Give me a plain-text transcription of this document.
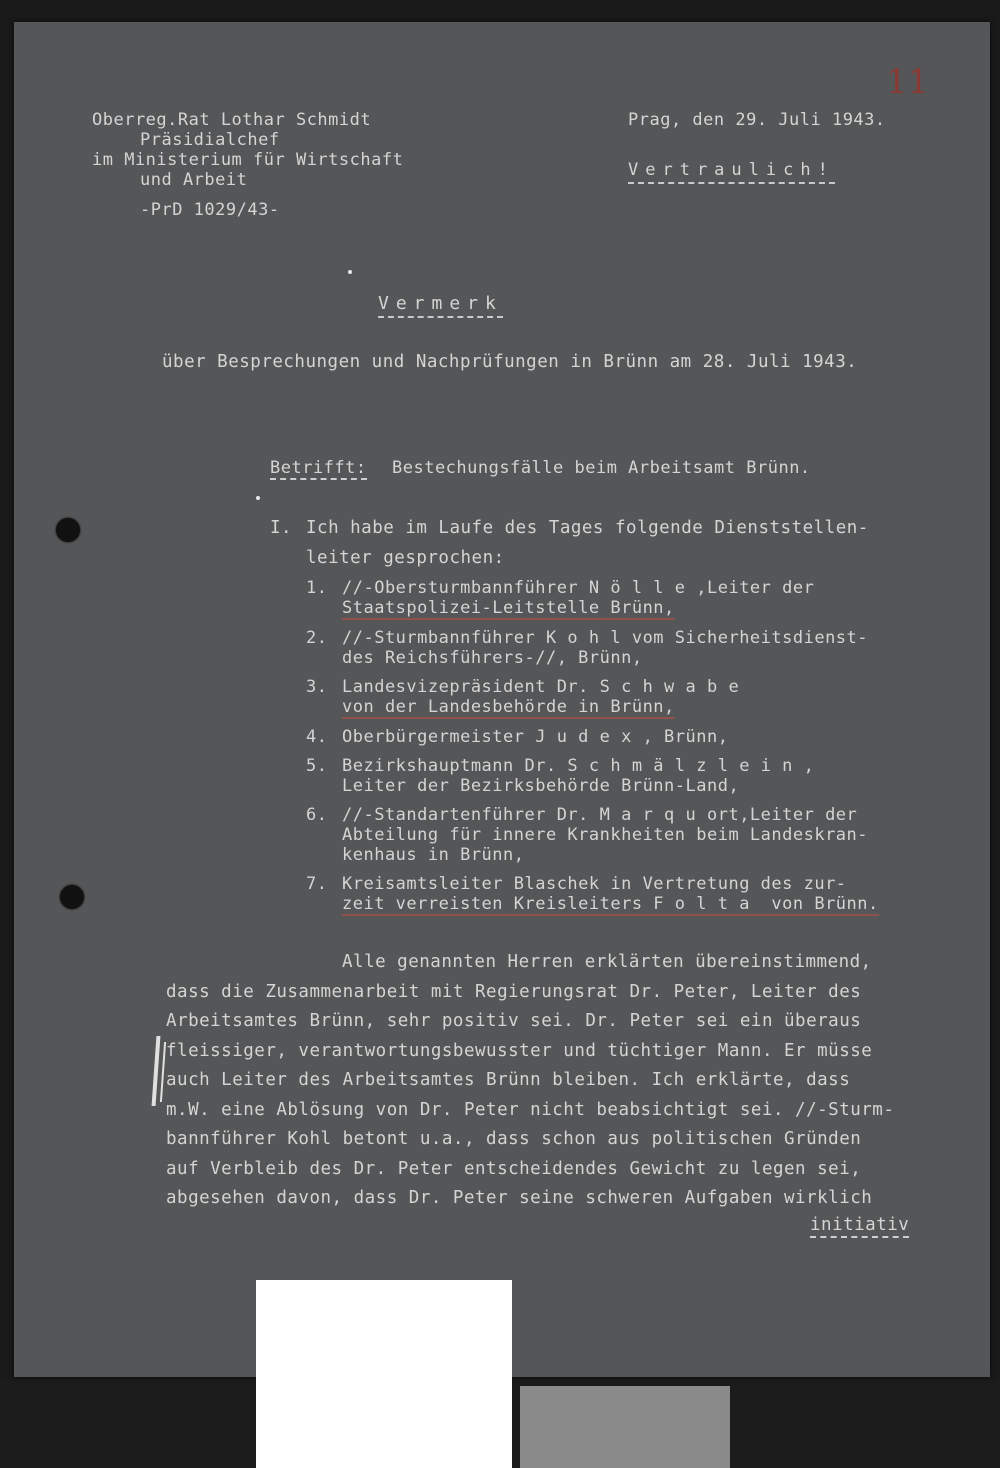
Oberreg.Rat Lothar Schmidt
Präsidialchef
im Ministerium für Wirtschaft
und Arbeit
-PrD 1029/43-
Prag, den 29. Juli 1943.
Vertraulich!
11
Vermerk
über Besprechungen und Nachprüfungen in Brünn am 28. Juli 1943.
Betrifft: Bestechungsfälle beim Arbeitsamt Brünn.
I. Ich habe im Laufe des Tages folgende Dienststellen-
leiter gesprochen:
1. //-Obersturmbannführer N ö l l e ,Leiter der
Staatspolizei-Leitstelle Brünn,
2. //-Sturmbannführer K o h l vom Sicherheitsdienst-
des Reichsführers-//, Brünn,
3. Landesvizepräsident Dr. S c h w a b e
von der Landesbehörde in Brünn,
4. Oberbürgermeister J u d e x , Brünn,
5. Bezirkshauptmann Dr. S c h m ä l z l e i n ,
Leiter der Bezirksbehörde Brünn-Land,
6. //-Standartenführer Dr. M a r q u ort,Leiter der
Abteilung für innere Krankheiten beim Landeskran-
kenhaus in Brünn,
7. Kreisamtsleiter Blaschek in Vertretung des zur-
zeit verreisten Kreisleiters F o l t a  von Brünn.
Alle genannten Herren erklärten übereinstimmend,
dass die Zusammenarbeit mit Regierungsrat Dr. Peter, Leiter des
Arbeitsamtes Brünn, sehr positiv sei. Dr. Peter sei ein überaus
fleissiger, verantwortungsbewusster und tüchtiger Mann. Er müsse
auch Leiter des Arbeitsamtes Brünn bleiben. Ich erklärte, dass
m.W. eine Ablösung von Dr. Peter nicht beabsichtigt sei. //-Sturm-
bannführer Kohl betont u.a., dass schon aus politischen Gründen
auf Verbleib des Dr. Peter entscheidendes Gewicht zu legen sei,
abgesehen davon, dass Dr. Peter seine schweren Aufgaben wirklich
initiativ
